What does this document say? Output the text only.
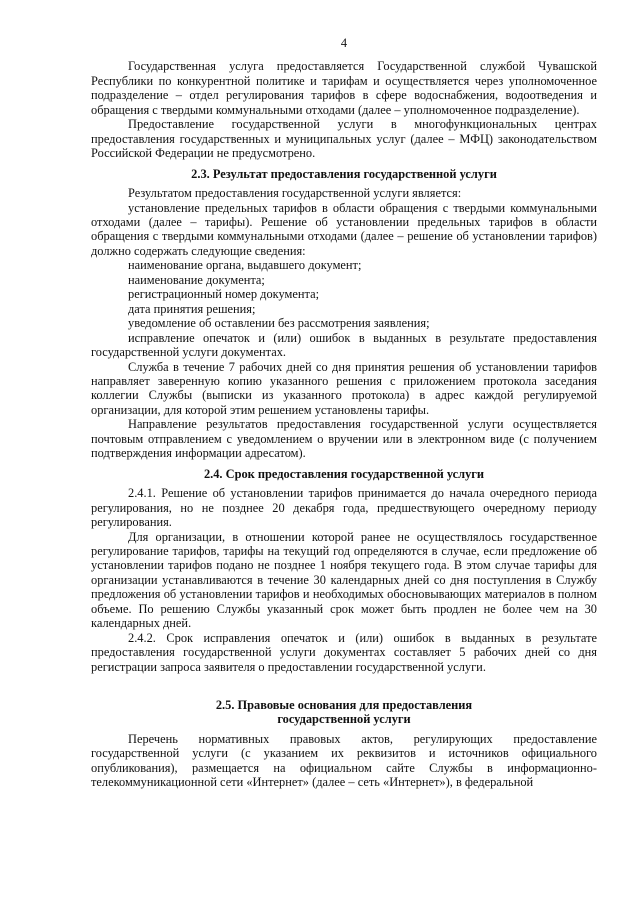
4

Государственная услуга предоставляется Государственной службой Чувашской Республики по конкурентной политике и тарифам и осуществляется через уполномоченное подразделение – отдел регулирования тарифов в сфере водоснабжения, водоотведения и обращения с твердыми коммунальными отходами (далее – уполномоченное подразделение).

Предоставление государственной услуги в многофункциональных центрах предоставления государственных и муниципальных услуг (далее – МФЦ) законодательством Российской Федерации не предусмотрено.

2.3. Результат предоставления государственной услуги

Результатом предоставления государственной услуги является:

установление предельных тарифов в области обращения с твердыми коммунальными отходами (далее – тарифы). Решение об установлении предельных тарифов в области обращения с твердыми коммунальными отходами (далее – решение об установлении тарифов) должно содержать следующие сведения:

наименование органа, выдавшего документ;

наименование документа;

регистрационный номер документа;

дата принятия решения;

уведомление об оставлении без рассмотрения заявления;

исправление опечаток и (или) ошибок в выданных в результате предоставления государственной услуги документах.

Служба в течение 7 рабочих дней со дня принятия решения об установлении тарифов направляет заверенную копию указанного решения с приложением протокола заседания коллегии Службы (выписки из указанного протокола) в адрес каждой регулируемой организации, для которой этим решением установлены тарифы.

Направление результатов предоставления государственной услуги осуществляется почтовым отправлением с уведомлением о вручении или в электронном виде (с получением подтверждения информации адресатом).

2.4. Срок предоставления государственной услуги

2.4.1. Решение об установлении тарифов принимается до начала очередного периода регулирования, но не позднее 20 декабря года, предшествующего очередному периоду регулирования.

Для организации, в отношении которой ранее не осуществлялось государственное регулирование тарифов, тарифы на текущий год определяются в случае, если предложение об установлении тарифов подано не позднее 1 ноября текущего года. В этом случае тарифы для организации устанавливаются в течение 30 календарных дней со дня поступления в Службу предложения об установлении тарифов и необходимых обосновывающих материалов в полном объеме. По решению Службы указанный срок может быть продлен не более чем на 30 календарных дней.

2.4.2. Срок исправления опечаток и (или) ошибок в выданных в результате предоставления государственной услуги документах составляет 5 рабочих дней со дня регистрации запроса заявителя о предоставлении государственной услуги.

2.5. Правовые основания для предоставления
государственной услуги

Перечень нормативных правовых актов, регулирующих предоставление государственной услуги (с указанием их реквизитов и источников официального опубликования), размещается на официальном сайте Службы в информационно-телекоммуникационной сети «Интернет» (далее – сеть «Интернет»), в федеральной
